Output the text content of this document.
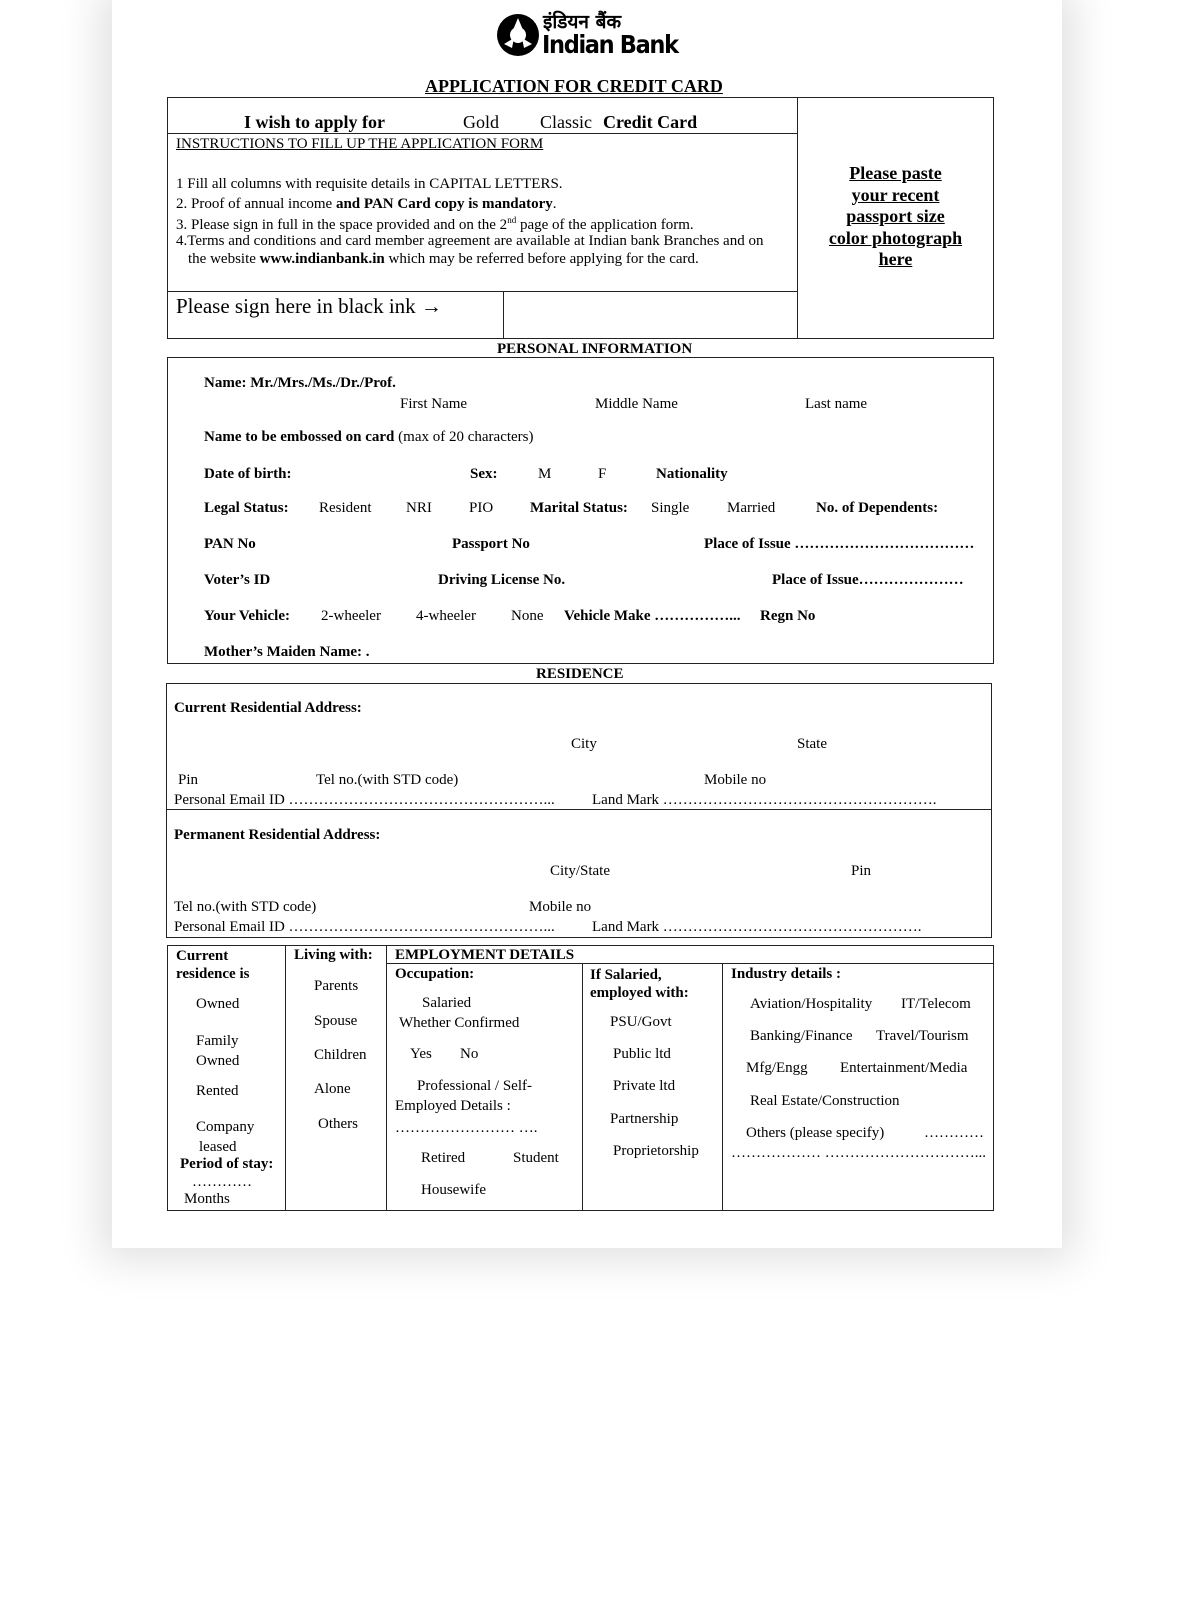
इंडियन बैंक
Indian Bank
APPLICATION FOR CREDIT CARD
I wish to apply for	Gold Classic Credit Card
INSTRUCTIONS TO FILL UP THE APPLICATION FORM
1 Fill all columns with requisite details in CAPITAL LETTERS.
2. Proof of annual income and PAN Card copy is mandatory.
3. Please sign in full in the space provided and on the 2nd page of the application form.
4.Terms and conditions and card member agreement are available at Indian bank Branches and on
the website www.indianbank.in which may be referred before applying for the card.
Please sign here in black ink →
Please paste
your recent
passport size
color photograph
here
PERSONAL INFORMATION
Name: Mr./Mrs./Ms./Dr./Prof.
First Name	Middle Name	Last name
Name to be embossed on card (max of 20 characters)
Date of birth:	Sex:	M	F	Nationality
Legal Status: Resident NRI PIO Marital Status: Single	Married	No. of Dependents:
PAN No	Passport No	Place of Issue ………………………………
Voter’s ID	Driving License No.	Place of Issue…………………
Your Vehicle: 2-wheeler 4-wheeler None Vehicle Make ……………... Regn No
Mother’s Maiden Name: .
RESIDENCE
Current Residential Address:
City	State
Pin	Tel no.(with STD code)	Mobile no
Personal Email ID ……………………………………………... Land Mark ……………………………………………….
Permanent Residential Address:
City/State	Pin
Tel no.(with STD code)	Mobile no
Personal Email ID ……………………………………………... Land Mark …………………………………………….
Current
residence is
Owned
Family
Owned
Rented
Company
leased
Period of stay:
…………
Months
Living with:
Parents
Spouse
Children
Alone
Others
EMPLOYMENT DETAILS
Occupation:
Salaried
Whether Confirmed
Yes No
Professional / Self-
Employed Details :
…………………… ….
Retired	Student
Housewife
If Salaried,
employed with:
PSU/Govt
Public ltd
Private ltd
Partnership
Proprietorship
Industry details :
Aviation/Hospitality IT/Telecom
Banking/Finance Travel/Tourism
Mfg/Engg Entertainment/Media
Real Estate/Construction
Others (please specify)	…………
……………… …………………………...
